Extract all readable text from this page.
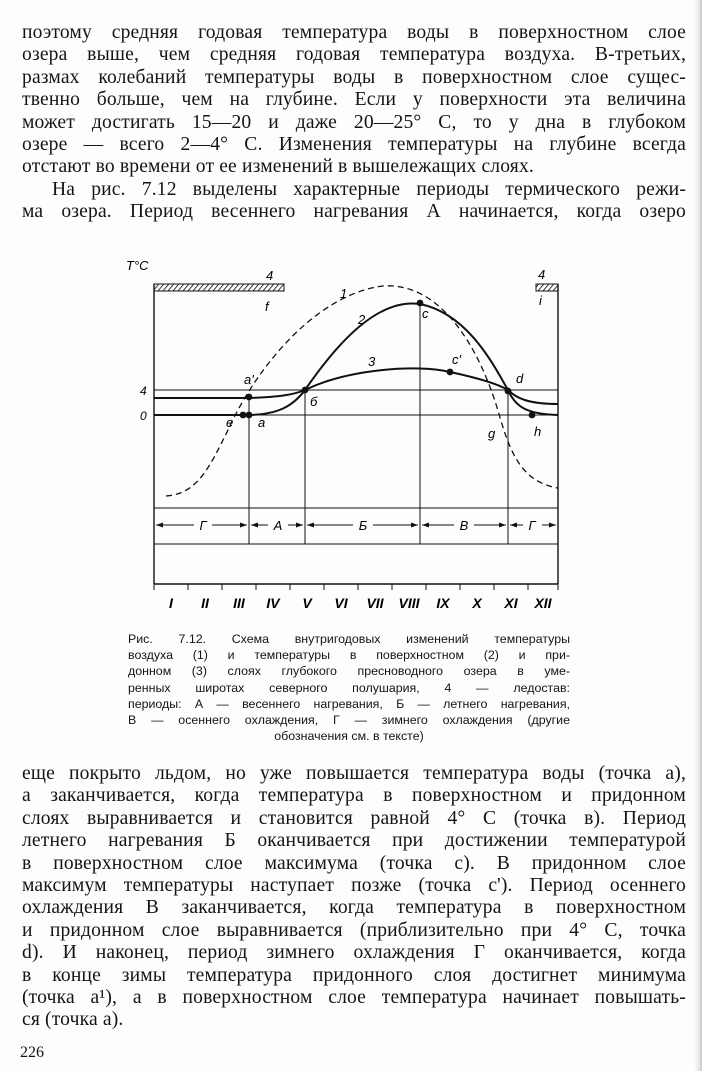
поэтому средняя годовая температура воды в поверхностном слое
озера выше, чем средняя годовая температура воздуха. В-третьих,
размах колебаний температуры воды в поверхностном слое сущес-
твенно больше, чем на глубине. Если у поверхности эта величина
может достигать 15—20 и даже 20—25° С, то у дна в глубоком
озере — всего 2—4° С. Изменения температуры на глубине всегда
отстают во времени от ее изменений в вышележащих слоях.
На рис. 7.12 выделены характерные периоды термического режи-
ма озера. Период весеннего нагревания А начинается, когда озеро
T°C
4
0
4
f
4
i
1
2
3
c
c'
a'	d
б
e a
g	h
Г	А	Б	В	Г
I II III IV V VI VII VIII IX X XI XII
Рис. 7.12. Схема внутригодовых изменений температуры
воздуха (1) и температуры в поверхностном (2) и при-
донном (3) слоях глубокого пресноводного озера в уме-
ренных широтах северного полушария, 4 — ледостав:
периоды: А — весеннего нагревания, Б — летнего нагревания,
В — осеннего охлаждения, Г — зимнего охлаждения (другие
обозначения см. в тексте)
еще покрыто льдом, но уже повышается температура воды (точка а),
а заканчивается, когда температура в поверхностном и придонном
слоях выравнивается и становится равной 4° С (точка в). Период
летнего нагревания Б оканчивается при достижении температурой
в поверхностном слое максимума (точка с). В придонном слое
максимум температуры наступает позже (точка с'). Период осеннего
охлаждения В заканчивается, когда температура в поверхностном
и придонном слое выравнивается (приблизительно при 4° С, точка
d). И наконец, период зимнего охлаждения Г оканчивается, когда
в конце зимы температура придонного слоя достигнет минимума
(точка а¹), а в поверхностном слое температура начинает повышать-
ся (точка а).
226
